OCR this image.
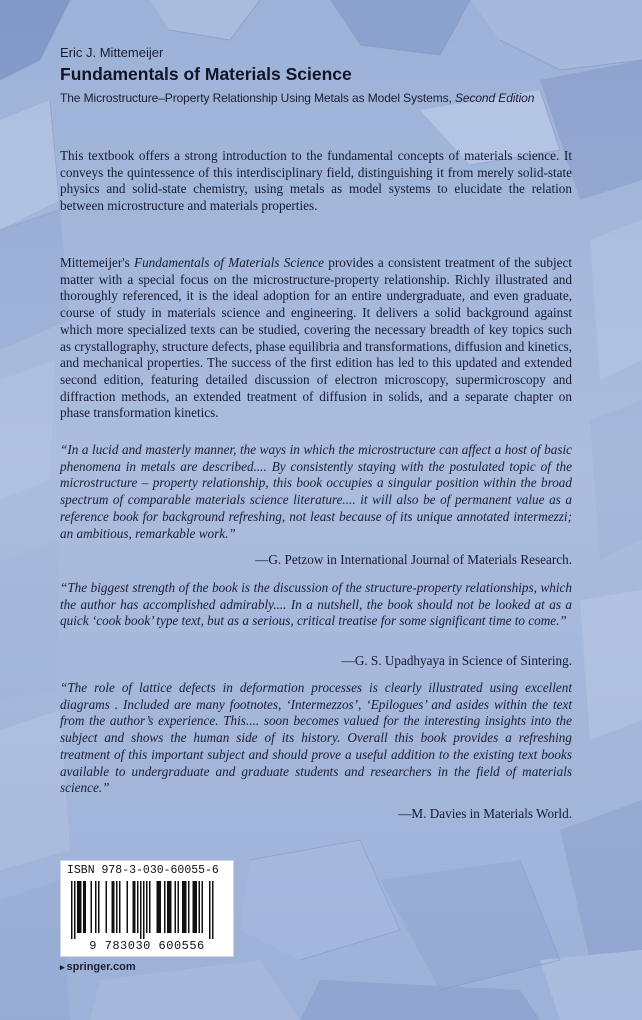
Eric J. Mittemeijer

Fundamentals of Materials Science

The Microstructure–Property Relationship Using Metals as Model Systems, Second Edition

This textbook offers a strong introduction to the fundamental concepts of materials science. It conveys the quintessence of this interdisciplinary field, distinguishing it from merely solid-state physics and solid-state chemistry, using metals as model systems to elucidate the relation between microstructure and materials properties.

Mittemeijer's Fundamentals of Materials Science provides a consistent treatment of the subject matter with a special focus on the microstructure-property relationship. Richly illustrated and thoroughly referenced, it is the ideal adoption for an entire undergraduate, and even graduate, course of study in materials science and engineering. It delivers a solid background against which more specialized texts can be studied, covering the necessary breadth of key topics such as crystallography, structure defects, phase equilibria and transformations, diffusion and kinetics, and mechanical properties. The success of the first edition has led to this updated and extended second edition, featuring detailed discussion of electron microscopy, supermicroscopy and diffraction methods, an extended treatment of diffusion in solids, and a separate chapter on phase transformation kinetics.

“In a lucid and masterly manner, the ways in which the microstructure can affect a host of basic phenomena in metals are described.... By consistently staying with the postulated topic of the microstructure – property relationship, this book occupies a singular position within the broad spectrum of comparable materials science literature.... it will also be of permanent value as a reference book for background refreshing, not least because of its unique annotated intermezzi; an ambitious, remarkable work.”

—G. Petzow in International Journal of Materials Research.

“The biggest strength of the book is the discussion of the structure-property relationships, which the author has accomplished admirably.... In a nutshell, the book should not be looked at as a quick ‘cook book’ type text, but as a serious, critical treatise for some significant time to come.”

—G. S. Upadhyaya in Science of Sintering.

“The role of lattice defects in deformation processes is clearly illustrated using excellent diagrams . Included are many footnotes, ‘Intermezzos’, ‘Epilogues’ and asides within the text from the author’s experience. This.... soon becomes valued for the interesting insights into the subject and shows the human side of its history. Overall this book provides a refreshing treatment of this important subject and should prove a useful addition to the existing text books available to undergraduate and graduate students and researchers in the field of materials science.”

—M. Davies in Materials World.

ISBN 978-3-030-60055-6

9 783030 600556

▸ springer.com
